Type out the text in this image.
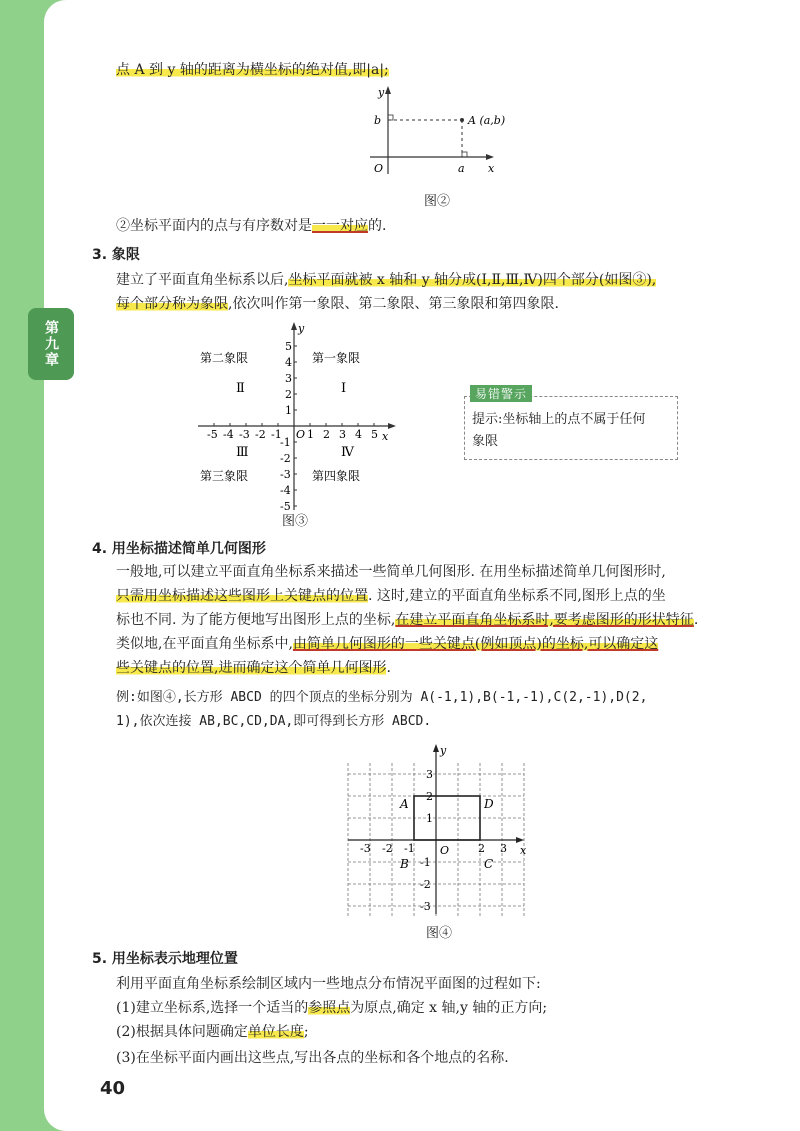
第九章
点 A 到 y 轴的距离为横坐标的绝对值,即|a|;
y
x
O
b
a
A (a,b)
图②
②坐标平面内的点与有序数对是一一对应的.
3. 象限
建立了平面直角坐标系以后,坐标平面就被 x 轴和 y 轴分成(Ⅰ,Ⅱ,Ⅲ,Ⅳ)四个部分(如图③),
每个部分称为象限,依次叫作第一象限、第二象限、第三象限和第四象限.
-5 -4 -3 -2 -1 1 2 3 4 5
5
4
3
2
1
-1
-2
-3
-4
-5
y
x
O
第二象限	第一象限
第三象限	第四象限
Ⅱ	Ⅰ
Ⅲ	Ⅳ
图③
易错警示
提示:坐标轴上的点不属于任何
象限
4. 用坐标描述简单几何图形
一般地,可以建立平面直角坐标系来描述一些简单几何图形. 在用坐标描述简单几何图形时,
只需用坐标描述这些图形上关键点的位置. 这时,建立的平面直角坐标系不同,图形上点的坐
标也不同. 为了能方便地写出图形上点的坐标,在建立平面直角坐标系时,要考虑图形的形状特征.
类似地,在平面直角坐标系中,由简单几何图形的一些关键点(例如顶点)的坐标,可以确定这
些关键点的位置,进而确定这个简单几何图形.
例:如图④,长方形 ABCD 的四个顶点的坐标分别为 A(-1,1),B(-1,-1),C(2,-1),D(2,
1),依次连接 AB,BC,CD,DA,即可得到长方形 ABCD.
-3 -2 -1	2 3
3
2
1
-1
-2
-3
y
x
O
A
B	C
D
图④
5. 用坐标表示地理位置
利用平面直角坐标系绘制区域内一些地点分布情况平面图的过程如下:
(1)建立坐标系,选择一个适当的参照点为原点,确定 x 轴,y 轴的正方向;
(2)根据具体问题确定单位长度;
(3)在坐标平面内画出这些点,写出各点的坐标和各个地点的名称.
40
